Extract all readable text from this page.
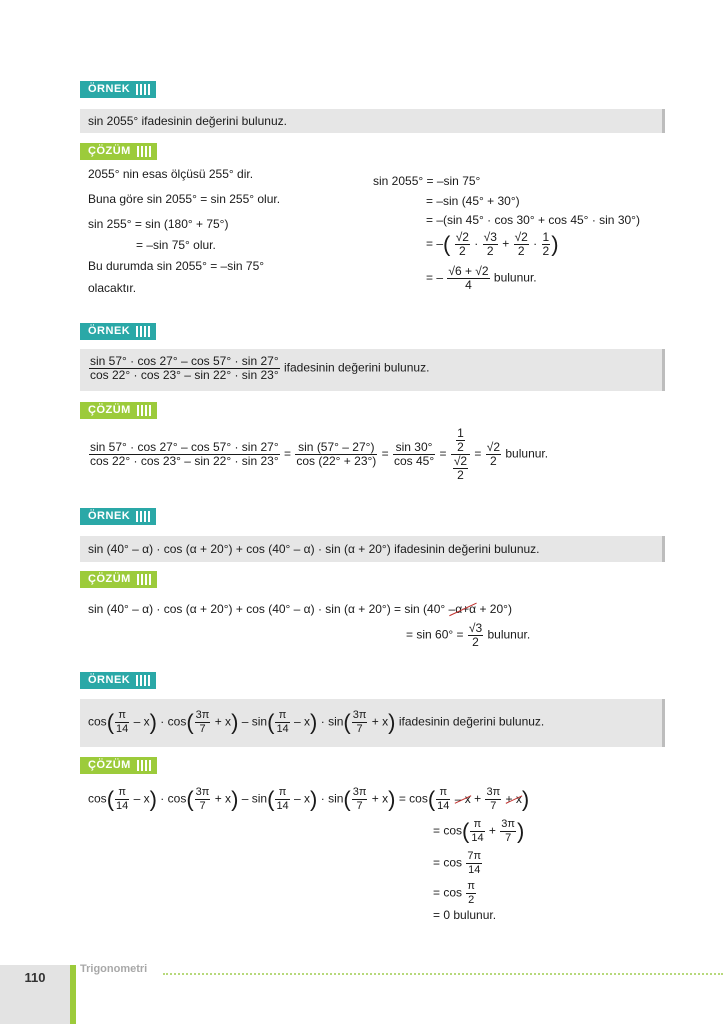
ÖRNEK
sin 2055° ifadesinin değerini bulunuz.
ÇÖZÜM
2055° nin esas ölçüsü 255° dir.
Buna göre sin 2055° = sin 255° olur.
sin 255° = sin (180° + 75°)
= –sin 75° olur.
Bu durumda sin 2055° = –sin 75°
olacaktır.
sin 2055° = –sin 75°
= –sin (45° + 30°)
= –(sin 45° · cos 30° + cos 45° · sin 30°)
= –( $\frac{√2}{2} \cdot \frac{√3}{2} + \frac{√2}{2} \cdot \frac{1}{2}$ )
= – $\frac{√6 + √2}{4}$ bulunur.
ÖRNEK
$\frac{\sin 57^\circ \cdot \cos 27^\circ - \cos 57^\circ \cdot \sin 27^\circ}{\cos 22^\circ \cdot \cos 23^\circ - \sin 22^\circ \cdot \sin 23^\circ}$ ifadesinin değerini bulunuz.
ÇÖZÜM
$\frac{\sin 57^\circ \cdot \cos 27^\circ - \cos 57^\circ \cdot \sin 27^\circ}{\cos 22^\circ \cdot \cos 23^\circ - \sin 22^\circ \cdot \sin 23^\circ} = \frac{\sin (57^\circ - 27^\circ)}{\cos (22^\circ + 23^\circ)} = \frac{\sin 30^\circ}{\cos 45^\circ} = \frac{\frac{1}{2}}{\frac{√2}{2}} = \frac{√2}{2}$ bulunur.
ÖRNEK
sin (40° – α) · cos (α + 20°) + cos (40° – α) · sin (α + 20°) ifadesinin değerini bulunuz.
ÇÖZÜM
sin (40° – α) · cos (α + 20°) + cos (40° – α) · sin (α + 20°) = sin (40° –α+α + 20°)
= $\sin 60^\circ = \frac{√3}{2}$ bulunur.
ÖRNEK
$\cos( \frac{\pi}{14} - x) \cdot \cos( \frac{3\pi}{7} + x) - \sin( \frac{\pi}{14} - x) \cdot \sin( \frac{3\pi}{7} + x)$ ifadesinin değerini bulunuz.
ÇÖZÜM
$\cos( \frac{\pi}{14} - x) \cdot \cos( \frac{3\pi}{7} + x) - \sin( \frac{\pi}{14} - x) \cdot \sin( \frac{3\pi}{7} + x) = \cos( \frac{\pi}{14} - x + \frac{3\pi}{7} + x)$
= $\cos( \frac{\pi}{14} + \frac{3\pi}{7}$ )
= $\cos \frac{7\pi}{14}$
= $\cos \frac{\pi}{2}$
= 0 bulunur.
110
Trigonometri
